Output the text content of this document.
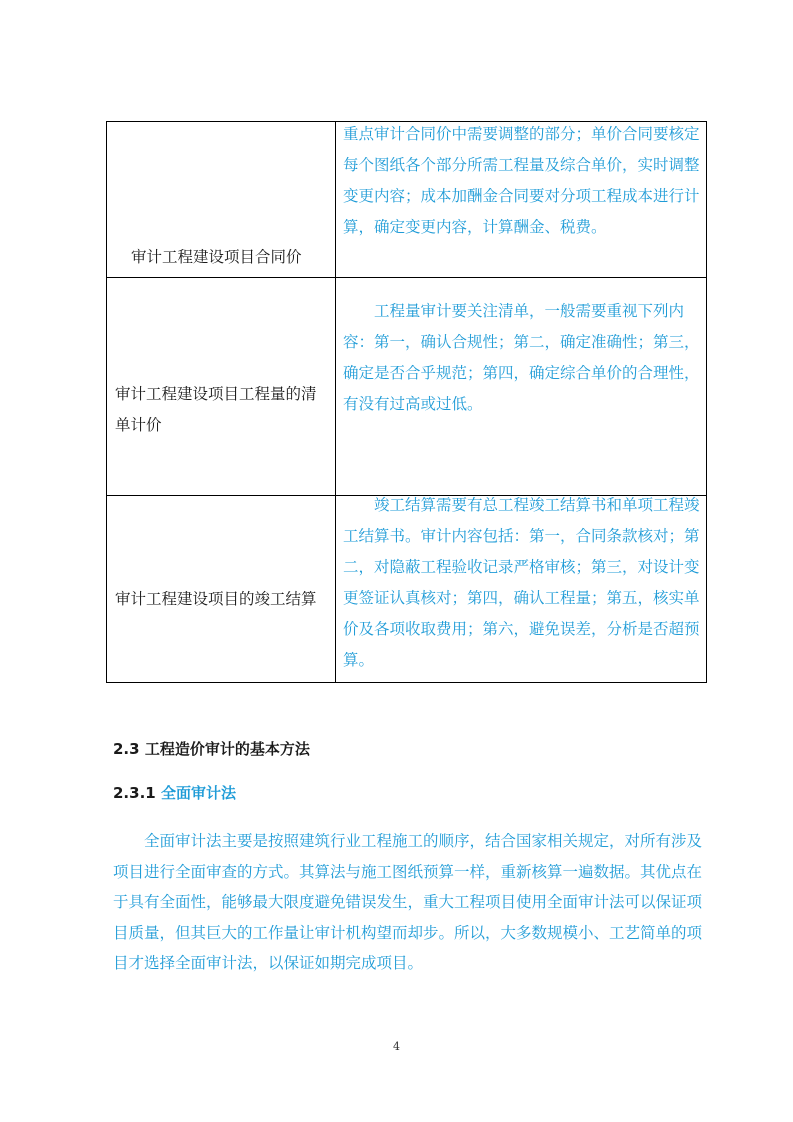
审计工程建设项目合同价	重点审计合同价中需要调整的部分；单价合同要核定每个图纸各个部分所需工程量及综合单价，实时调整变更内容；成本加酬金合同要对分项工程成本进行计算，确定变更内容，计算酬金、税费。

审计工程建设项目工程量的清单计价	工程量审计要关注清单，一般需要重视下列内容：第一，确认合规性；第二，确定准确性；第三，确定是否合乎规范；第四，确定综合单价的合理性，有没有过高或过低。

审计工程建设项目的竣工结算	竣工结算需要有总工程竣工结算书和单项工程竣工结算书。审计内容包括：第一，合同条款核对；第二，对隐蔽工程验收记录严格审核；第三，对设计变更签证认真核对；第四，确认工程量；第五，核实单价及各项收取费用；第六，避免误差，分析是否超预算。
2.3 工程造价审计的基本方法
2.3.1 全面审计法
全面审计法主要是按照建筑行业工程施工的顺序，结合国家相关规定，对所有涉及项目进行全面审查的方式。其算法与施工图纸预算一样，重新核算一遍数据。其优点在于具有全面性，能够最大限度避免错误发生，重大工程项目使用全面审计法可以保证项目质量，但其巨大的工作量让审计机构望而却步。所以，大多数规模小、工艺简单的项目才选择全面审计法，以保证如期完成项目。
4
